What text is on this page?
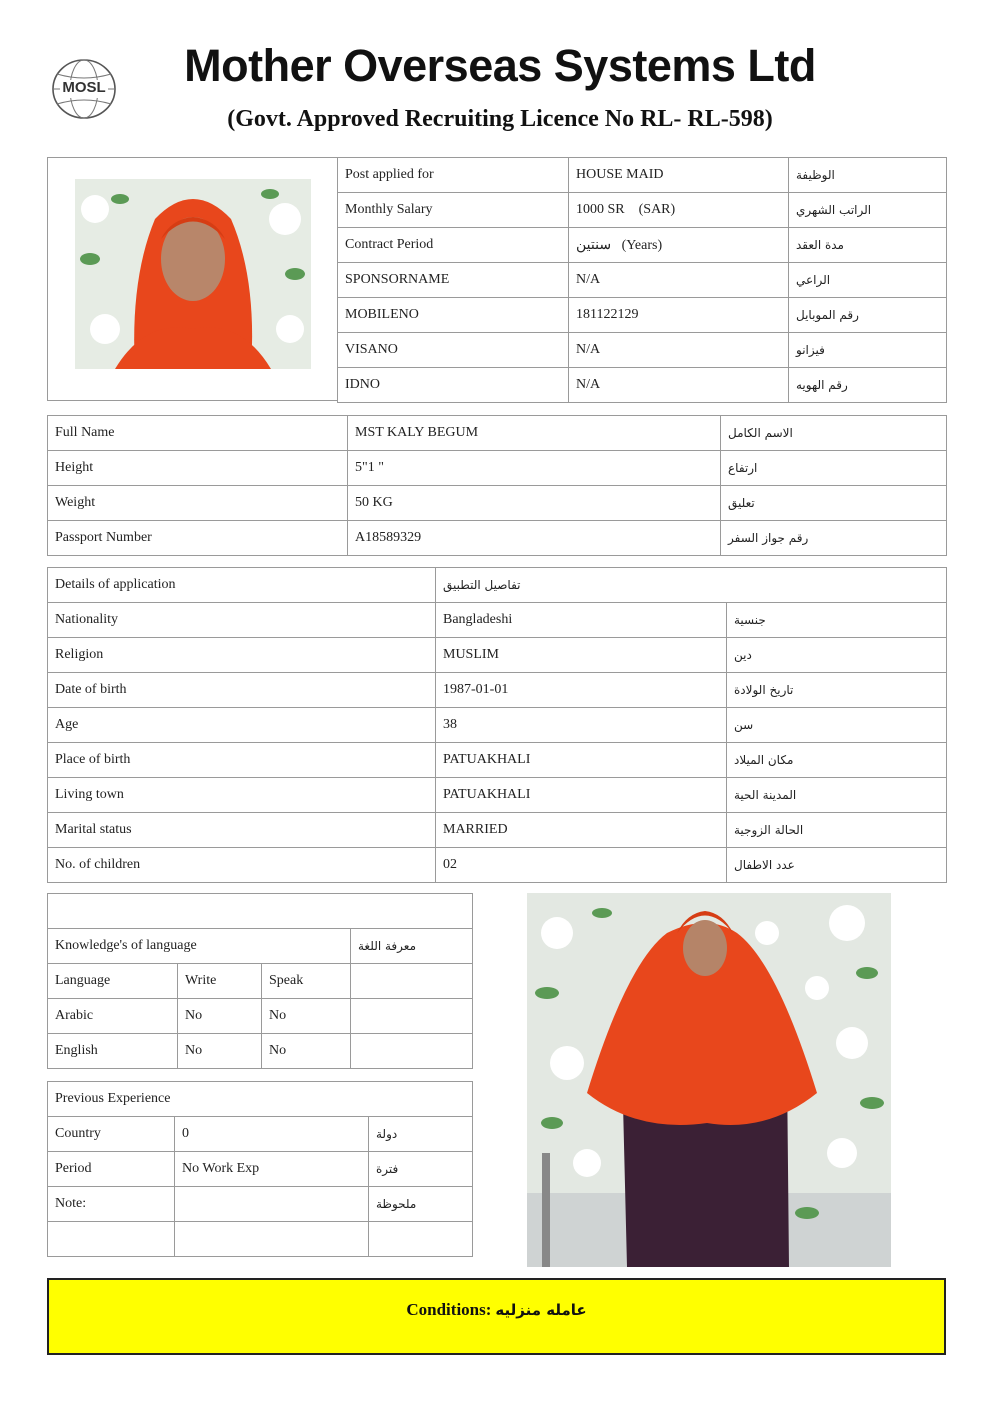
MOSL	Mother Overseas Systems Ltd
(Govt. Approved Recruiting Licence No RL- RL-598)
Post applied for	HOUSE MAID	الوظيفة
Monthly Salary	1000 SR    (SAR)	الراتب الشهري
Contract Period	سنتين   (Years)	مدة العقد
SPONSORNAME	N/A	الراعي
MOBILENO	181122129	رقم الموبايل
VISANO	N/A	فيزانو
IDNO	N/A	رقم الهويه
Full Name	MST KALY BEGUM	الاسم الكامل
Height	5"1 "	ارتفاع
Weight	50 KG	تعليق
Passport Number	A18589329	رقم جواز السفر
Details of application	تفاصيل التطبيق	
Nationality	Bangladeshi	جنسية
Religion	MUSLIM	دين
Date of birth	1987-01-01	تاريخ الولادة
Age	38	سن
Place of birth	PATUAKHALI	مكان الميلاد
Living town	PATUAKHALI	المدينة الحية
Marital status	MARRIED	الحالة الزوجية
No. of children	02	عدد الاطفال

Knowledge's of language			معرفة اللغة
Language	Write	Speak	
Arabic	No	No	
English	No	No	
Previous Experience		
Country	0	دولة
Period	No Work Exp	فترة
Note:		ملحوظة

Conditions: عامله منزليه
